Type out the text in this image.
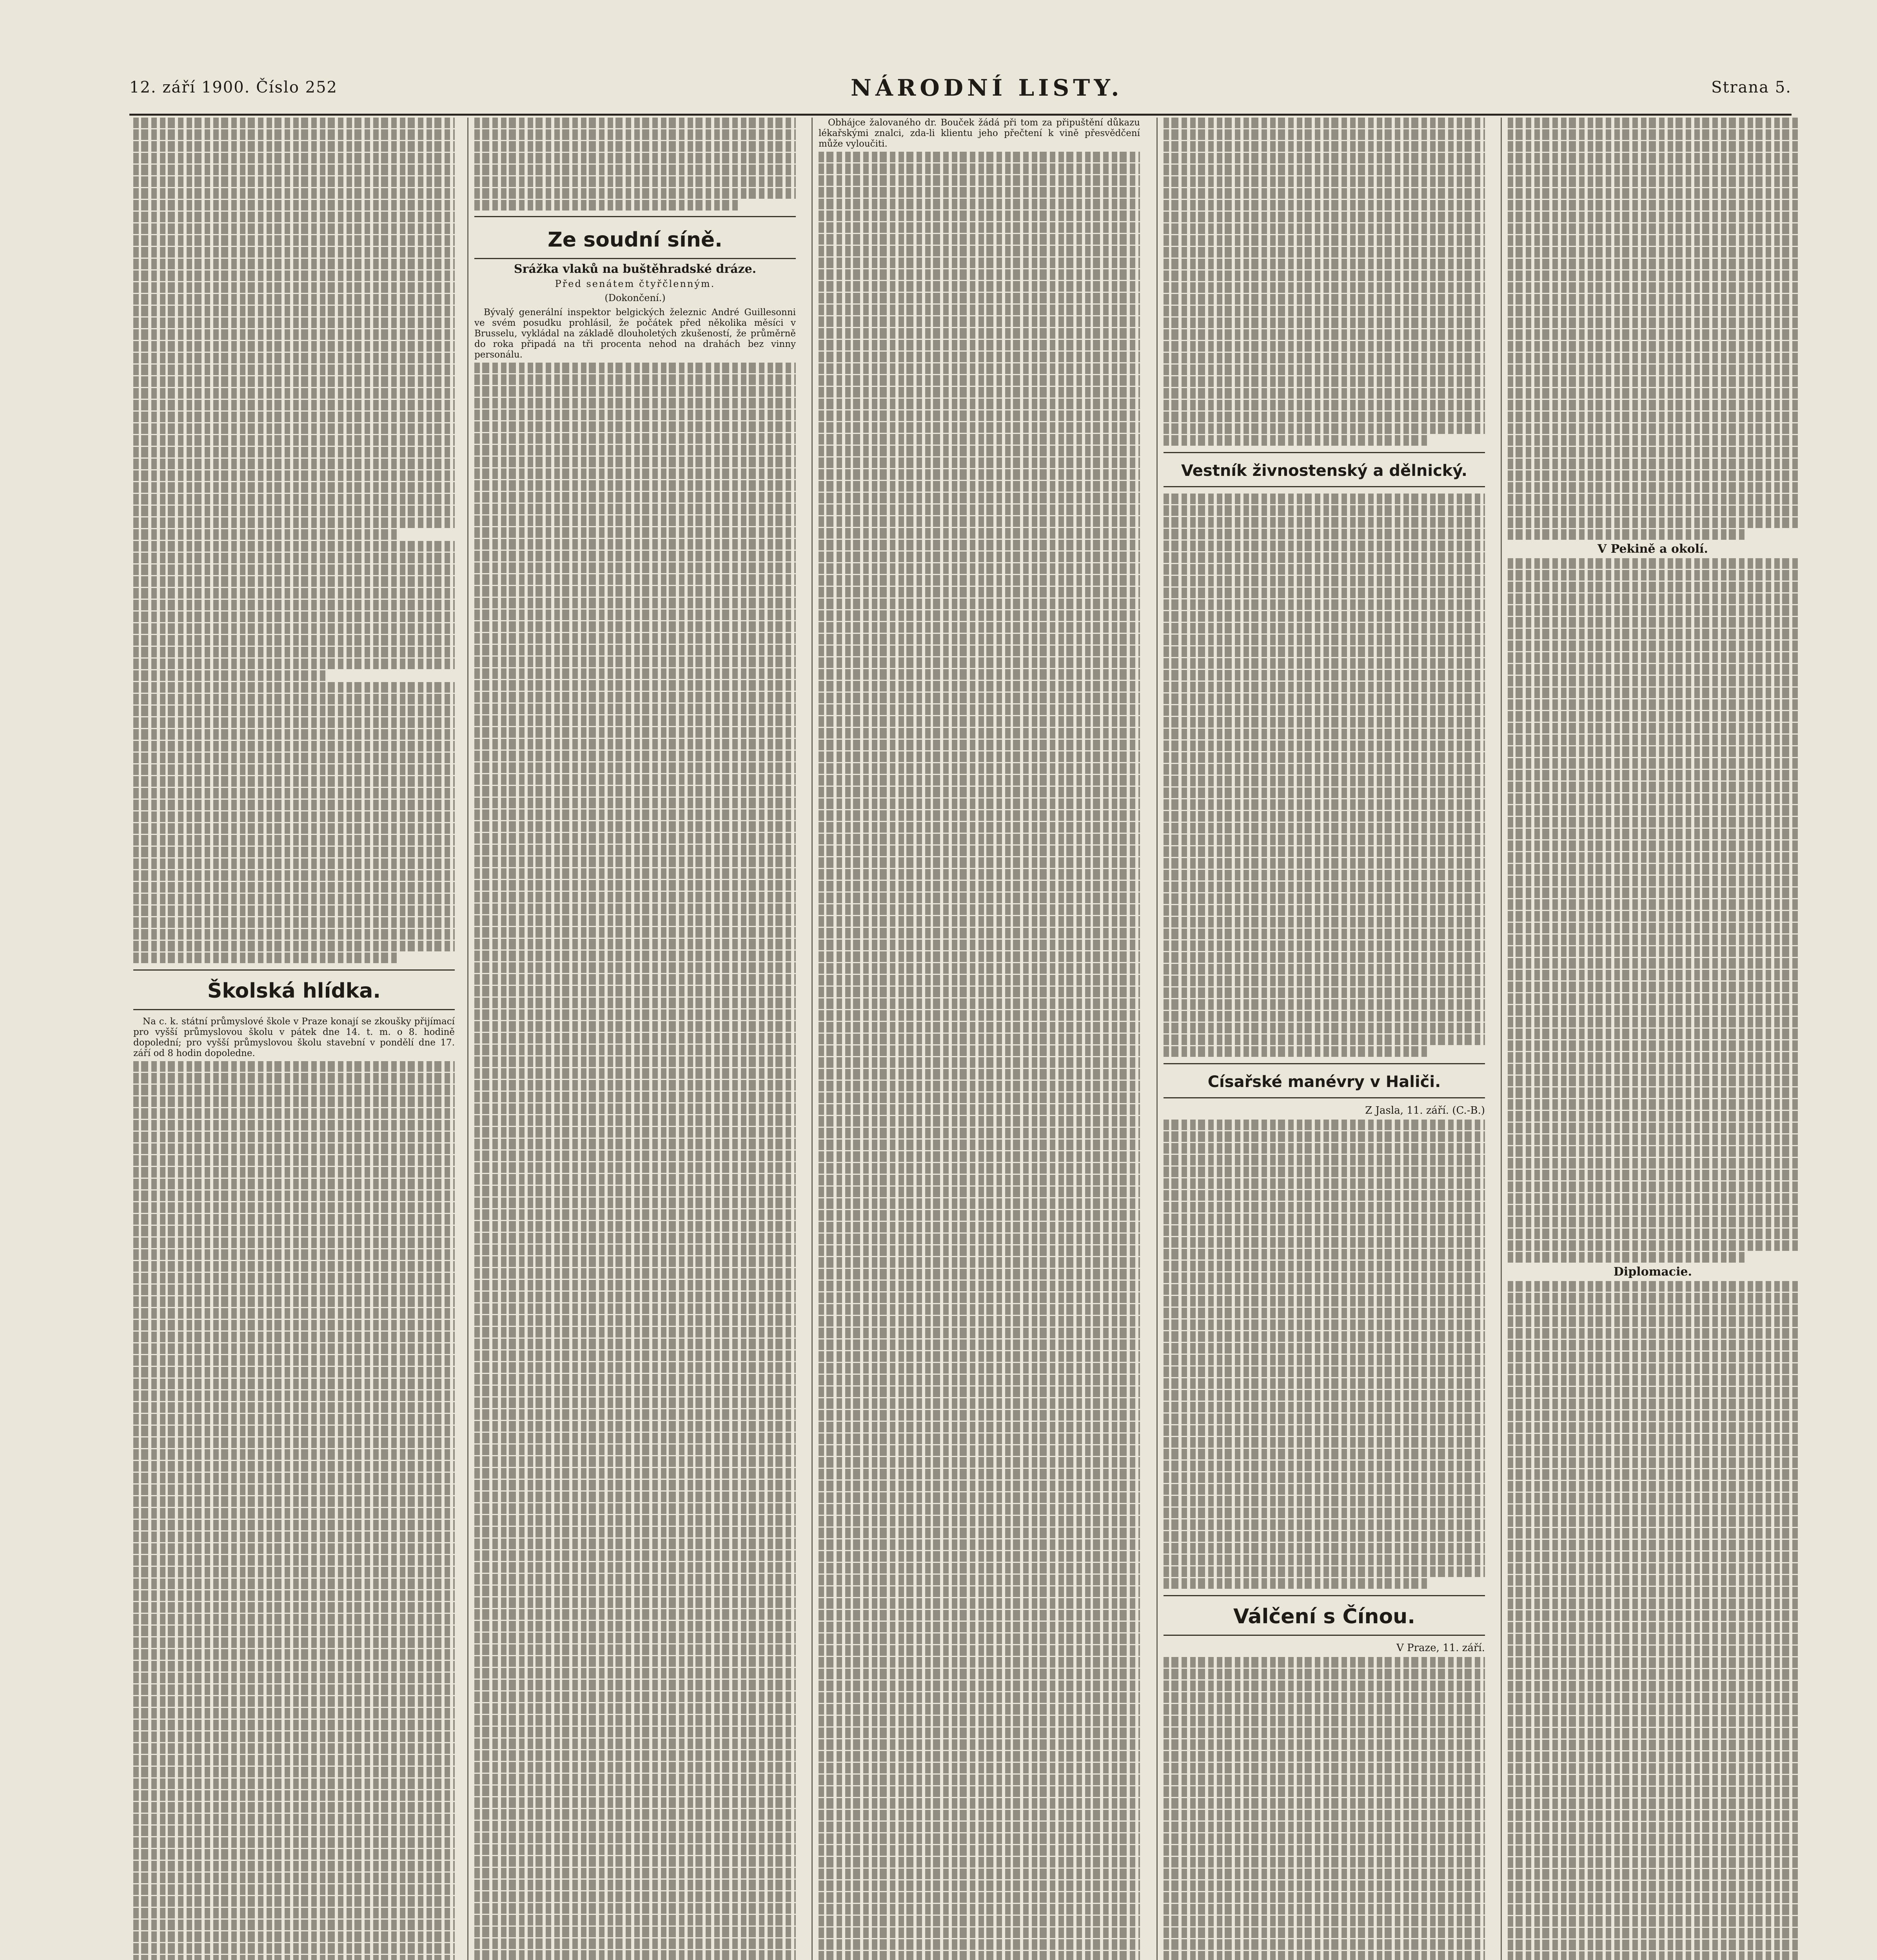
12. září 1900. Číslo 252	NÁRODNÍ LISTY.	Strana 5.
Školská hlídka.

Na c. k. státní průmyslové škole v Praze konají se zkoušky přijímací pro vyšší průmyslovou školu v pátek dne 14. t. m. o 8. hodině dopolední; pro vyšší průmyslovou školu stavební v pondělí dne 17. září od 8 hodin dopoledne.

Ze soudní síně.
Srážka vlaků na buštěhradské dráze.
Před senátem čtyřčlenným.
(Dokončení.)

Bývalý generální inspektor belgických železnic André Guillesonni ve svém posudku prohlásil, že počátek před několika měsíci v Brusselu, vykládal na základě dlouholetých zkušeností, že průměrně do roka připadá na tři procenta nehod na drahách bez vinny personálu.

Obhájce žalovaného dr. Bouček žádá při tom za připuštění důkazu lékařskými znalci, zda-li klientu jeho přečtení k vině přesvědčení může vyloučiti.

Vestník živnostenský a dělnický.
Císařské manévry v Haliči.
Z Jasla, 11. září. (C.-B.)
Válčení s Čínou.
V Praze, 11. září.
V Pekině a okolí.
Diplomacie.
